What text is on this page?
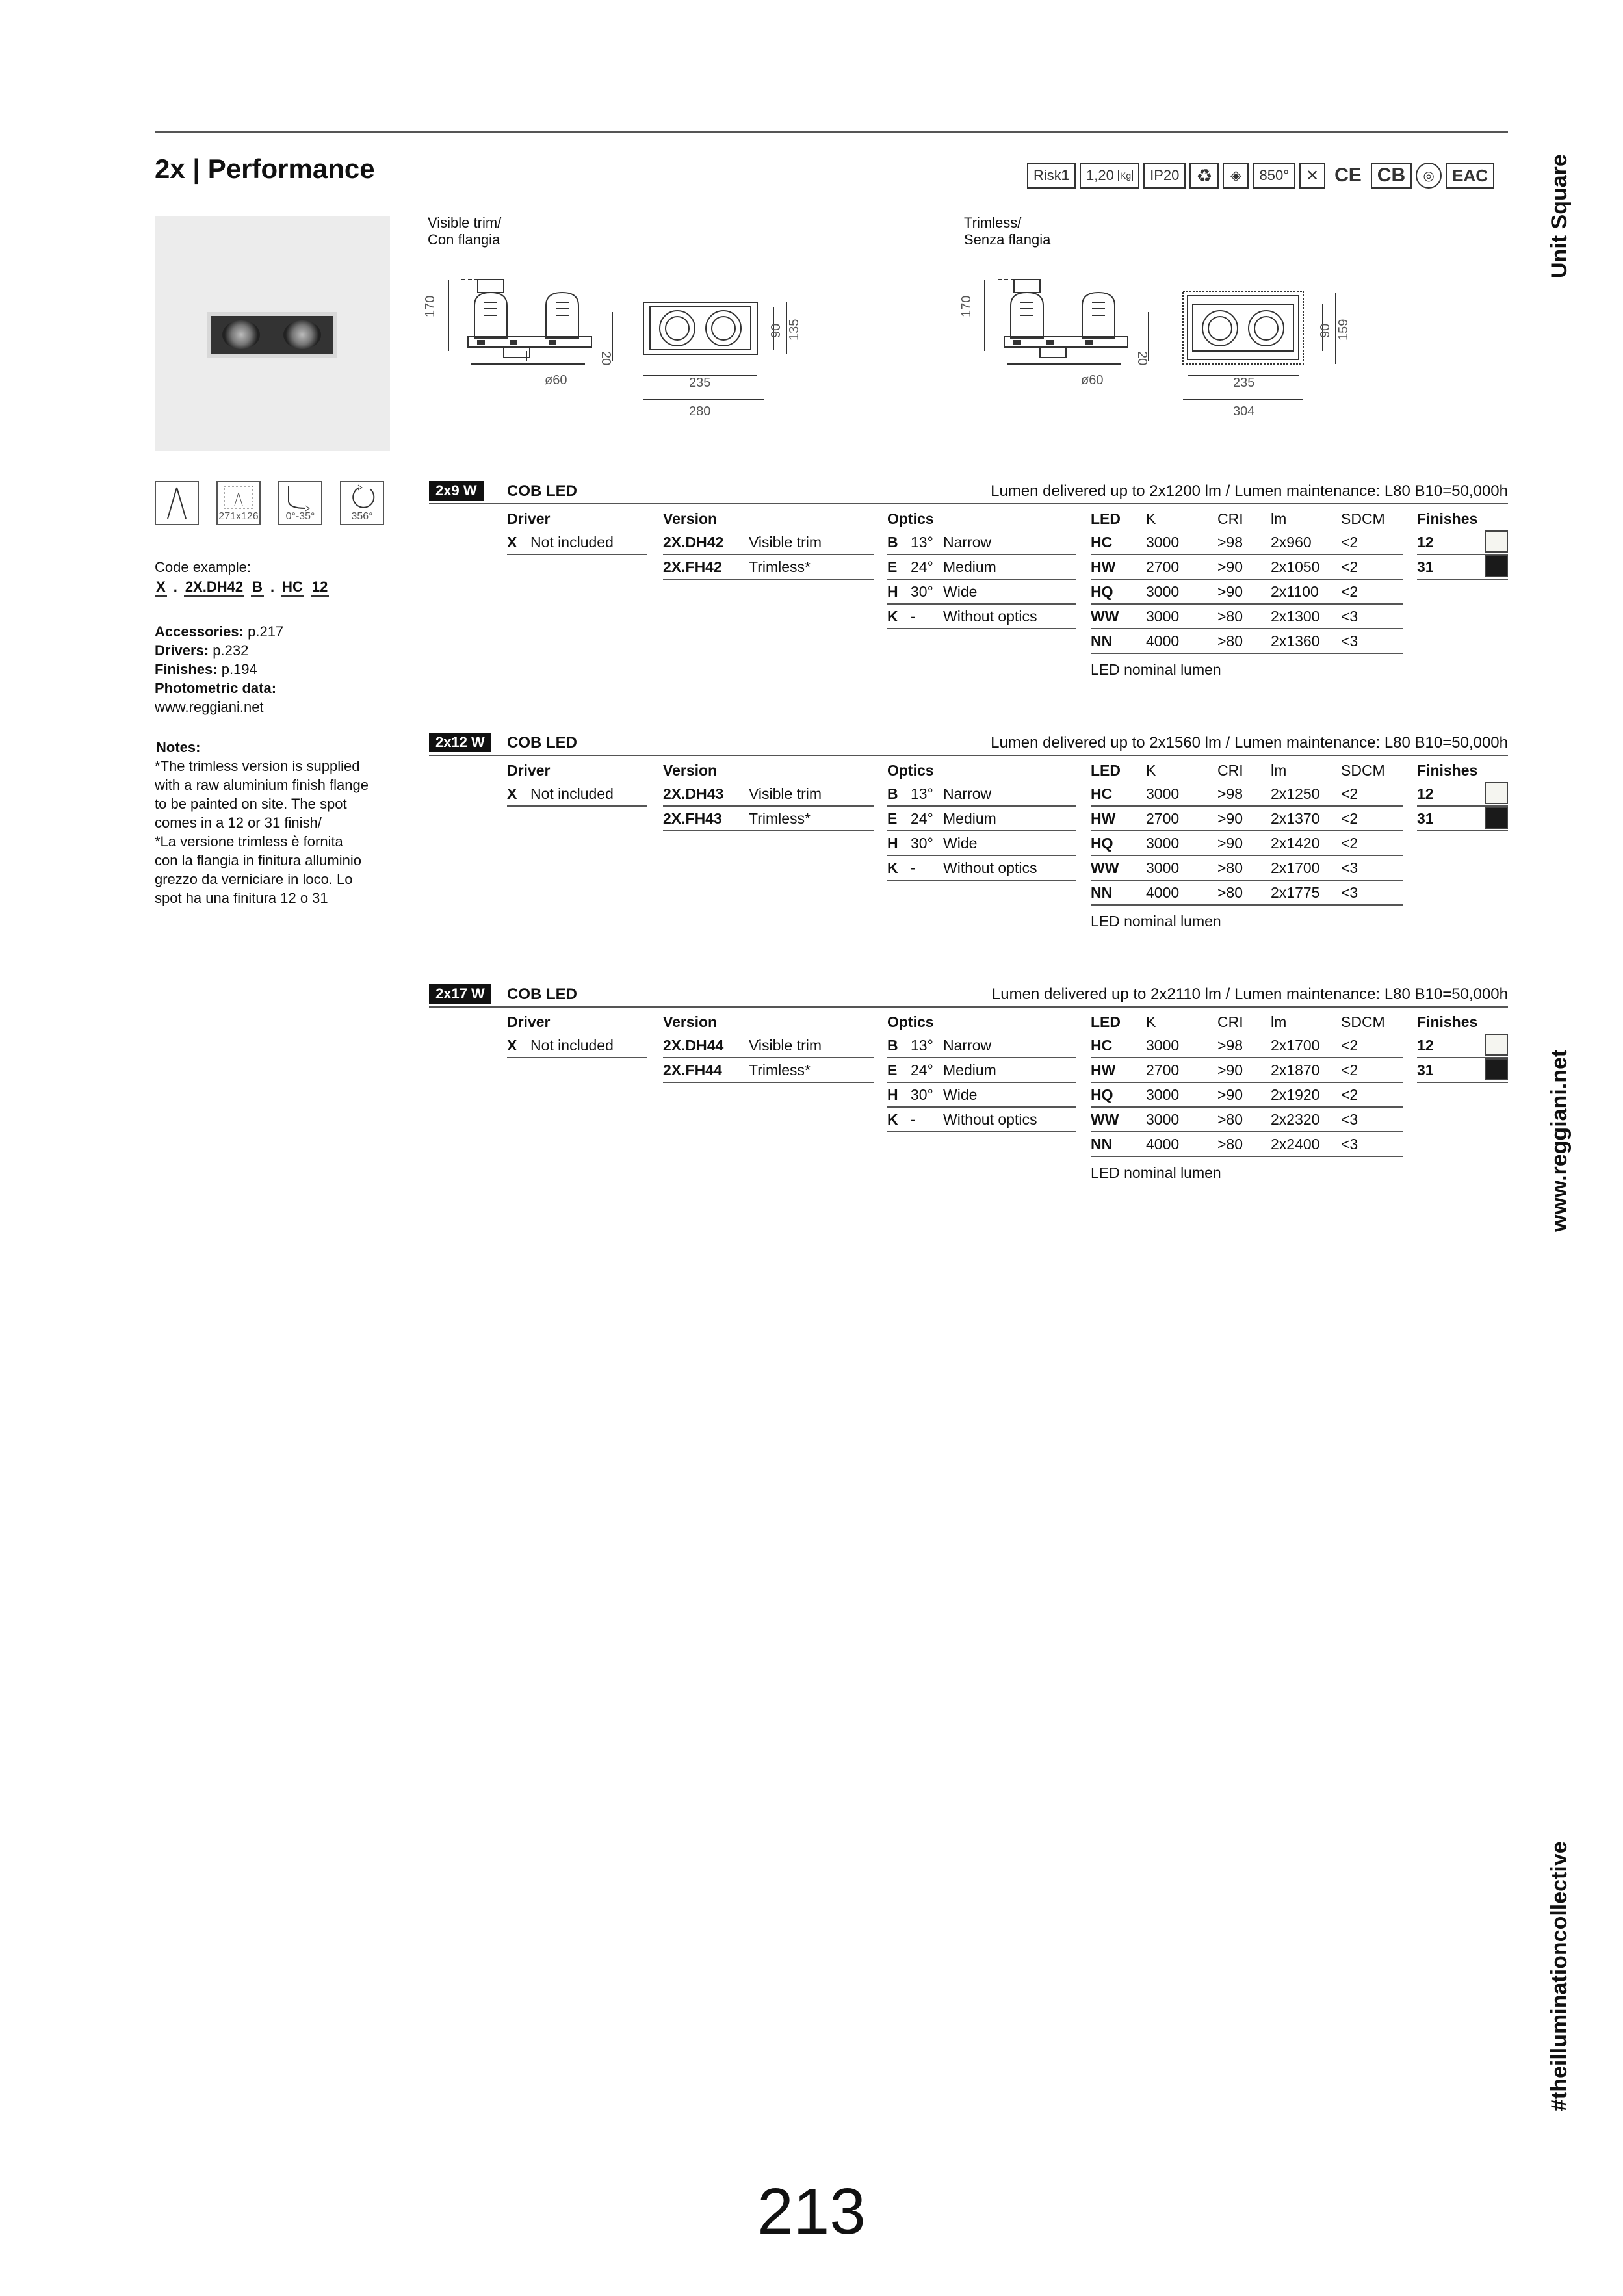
2x | Performance	Risk 1 1,20
Kg IP20 ♻	◈	850°	✕ CE CB	◎	EAC	Unit Square
www.reggiani.net
#theilluminationcollective
Visible trim/
Con flangia
Trimless/
Senza flangia
170
20
ø60	235
280
90 135
170
20
ø60	235
304
90 159
271x126	0°-35°	356°
Code example:
X . 2X.DH42 B . HC 12
Accessories: p.217
Drivers: p.232
Finishes: p.194
Photometric data:
www.reggiani.net
Notes:
*The trimless version is supplied
with a raw aluminium finish flange
to be painted on site. The spot
comes in a 12 or 31 finish/
*La versione trimless è fornita
con la flangia in finitura alluminio
grezzo da verniciare in loco. Lo
spot ha una finitura 12 o 31
2x9 W	COB LED	Lumen delivered up to 2x1200 lm / Lumen maintenance: L80 B10=50,000h
Driver
X Not included
Version
2X.DH42 Visible trim
2X.FH42 Trimless*
Optics
B 13° Narrow
E 24° Medium
H 30° Wide
K - Without optics
LED K	CRI lm	SDCM
HC 3000	>98 2x960 <2
HW 2700	>90 2x1050 <2
HQ 3000	>90 2x1100 <2
WW 3000	>80 2x1300 <3
NN 4000	>80 2x1360 <3
LED nominal lumen
Finishes
12
31
2x12 W	COB LED	Lumen delivered up to 2x1560 lm / Lumen maintenance: L80 B10=50,000h
Driver
X Not included
Version
2X.DH43 Visible trim
2X.FH43 Trimless*
Optics
B 13° Narrow
E 24° Medium
H 30° Wide
K - Without optics
LED K	CRI lm	SDCM
HC 3000	>98 2x1250 <2
HW 2700	>90 2x1370 <2
HQ 3000	>90 2x1420 <2
WW 3000	>80 2x1700 <3
NN 4000	>80 2x1775 <3
LED nominal lumen
Finishes
12
31
2x17 W	COB LED	Lumen delivered up to 2x2110 lm / Lumen maintenance: L80 B10=50,000h
Driver
X Not included
Version
2X.DH44 Visible trim
2X.FH44 Trimless*
Optics
B 13° Narrow
E 24° Medium
H 30° Wide
K - Without optics
LED K	CRI lm	SDCM
HC 3000	>98 2x1700 <2
HW 2700	>90 2x1870 <2
HQ 3000	>90 2x1920 <2
WW 3000	>80 2x2320 <3
NN 4000	>80 2x2400 <3
LED nominal lumen
Finishes
12
31
213
